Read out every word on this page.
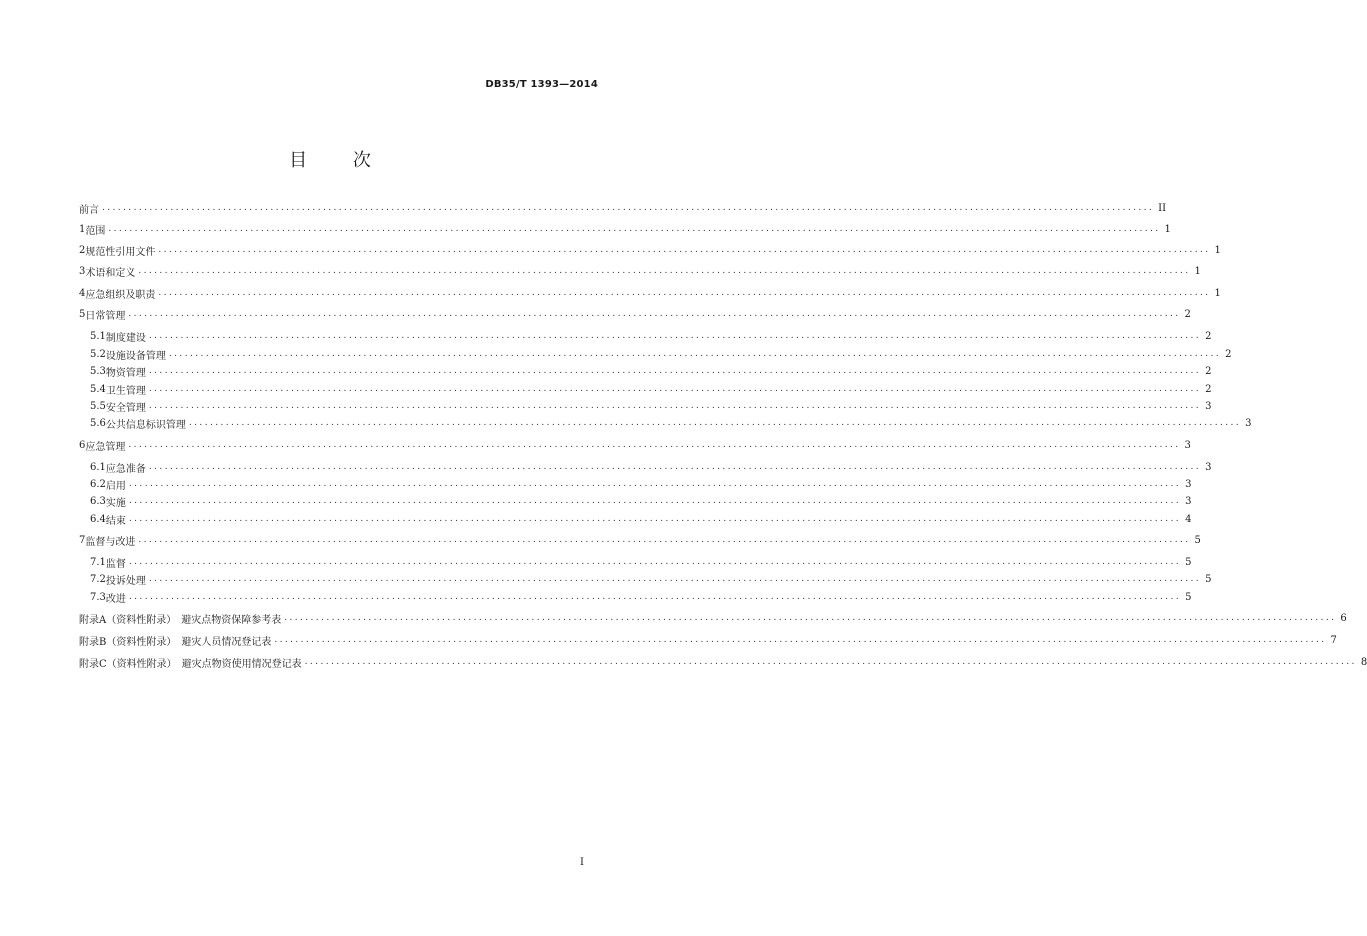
DB35/T 1393—2014
目 次
前言 ........................................................................................................................................................................................................ II
1 范围 ........................................................................................................................................................................................................ 1
2 规范性引用文件 ........................................................................................................................................................................................................ 1
3 术语和定义 ........................................................................................................................................................................................................ 1
4 应急组织及职责 ........................................................................................................................................................................................................ 1
5 日常管理 ........................................................................................................................................................................................................ 2
5.1 制度建设 ........................................................................................................................................................................................................ 2
5.2 设施设备管理 ........................................................................................................................................................................................................ 2
5.3 物资管理 ........................................................................................................................................................................................................ 2
5.4 卫生管理 ........................................................................................................................................................................................................ 2
5.5 安全管理 ........................................................................................................................................................................................................ 3
5.6 公共信息标识管理 ........................................................................................................................................................................................................ 3
6 应急管理 ........................................................................................................................................................................................................ 3
6.1 应急准备 ........................................................................................................................................................................................................ 3
6.2 启用 ........................................................................................................................................................................................................ 3
6.3 实施 ........................................................................................................................................................................................................ 3
6.4 结束 ........................................................................................................................................................................................................ 4
7 监督与改进 ........................................................................................................................................................................................................ 5
7.1 监督 ........................................................................................................................................................................................................ 5
7.2 投诉处理 ........................................................................................................................................................................................................ 5
7.3 改进 ........................................................................................................................................................................................................ 5
附录A（资料性附录）　避灾点物资保障参考表 ........................................................................................................................................................................................................ 6
附录B（资料性附录）　避灾人员情况登记表 ........................................................................................................................................................................................................ 7
附录C（资料性附录）　避灾点物资使用情况登记表 ........................................................................................................................................................................................................ 8
I
